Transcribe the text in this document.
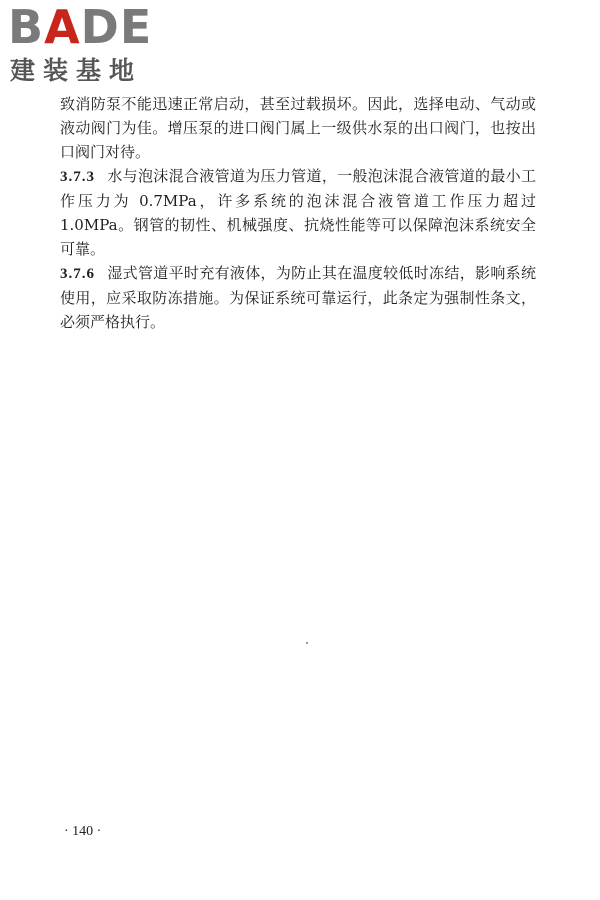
BADE
建装基地

致消防泵不能迅速正常启动，甚至过载损坏。因此，选择电动、气动或液动阀门为佳。增压泵的进口阀门属上一级供水泵的出口阀门，也按出口阀门对待。

3.7.3 水与泡沫混合液管道为压力管道，一般泡沫混合液管道的最小工作压力为 0.7MPa，许多系统的泡沫混合液管道工作压力超过 1.0MPa。钢管的韧性、机械强度、抗烧性能等可以保障泡沫系统安全可靠。

3.7.6 湿式管道平时充有液体，为防止其在温度较低时冻结，影响系统使用，应采取防冻措施。为保证系统可靠运行，此条定为强制性条文，必须严格执行。

· 140 ·
